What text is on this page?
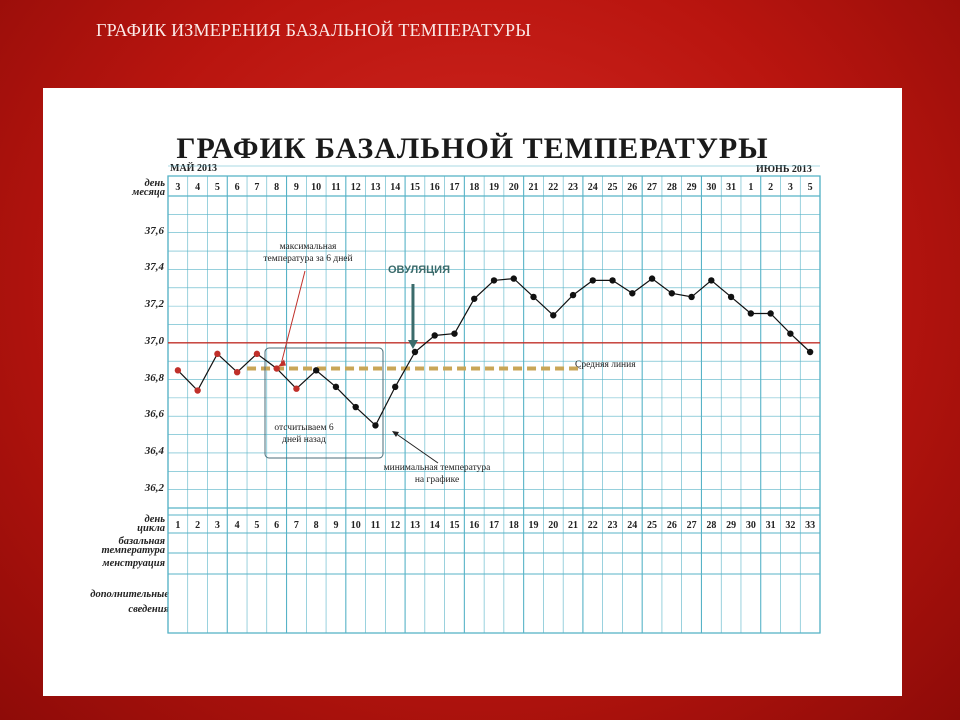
ГРАФИК ИЗМЕРЕНИЯ БАЗАЛЬНОЙ ТЕМПЕРАТУРЫ
ГРАФИК БАЗАЛЬНОЙ ТЕМПЕРАТУРЫ
МАЙ 2013	ИЮНЬ 2013
день
месяца
день
цикла
базальная
температура
менструация
дополнительные
сведения
37,6
37,4
37,2
37,0
36,8
36,6
36,4
36,2
3 4 5 6 7 8 9 10 11 12 13 14 15 16 17 18 19 20 21 22 23 24 25 26 27 28 29 30 31 1 2 3 5
1 2 3 4 5 6 7 8 9 10 11 12 13 14 15 16 17 18 19 20 21 22 23 24 25 26 27 28 29 30 31 32 33
ОВУЛЯЦИЯ
максимальная
температура за 6 дней
отсчитываем 6
дней назад
минимальная температура
на графике
Средняя линия
